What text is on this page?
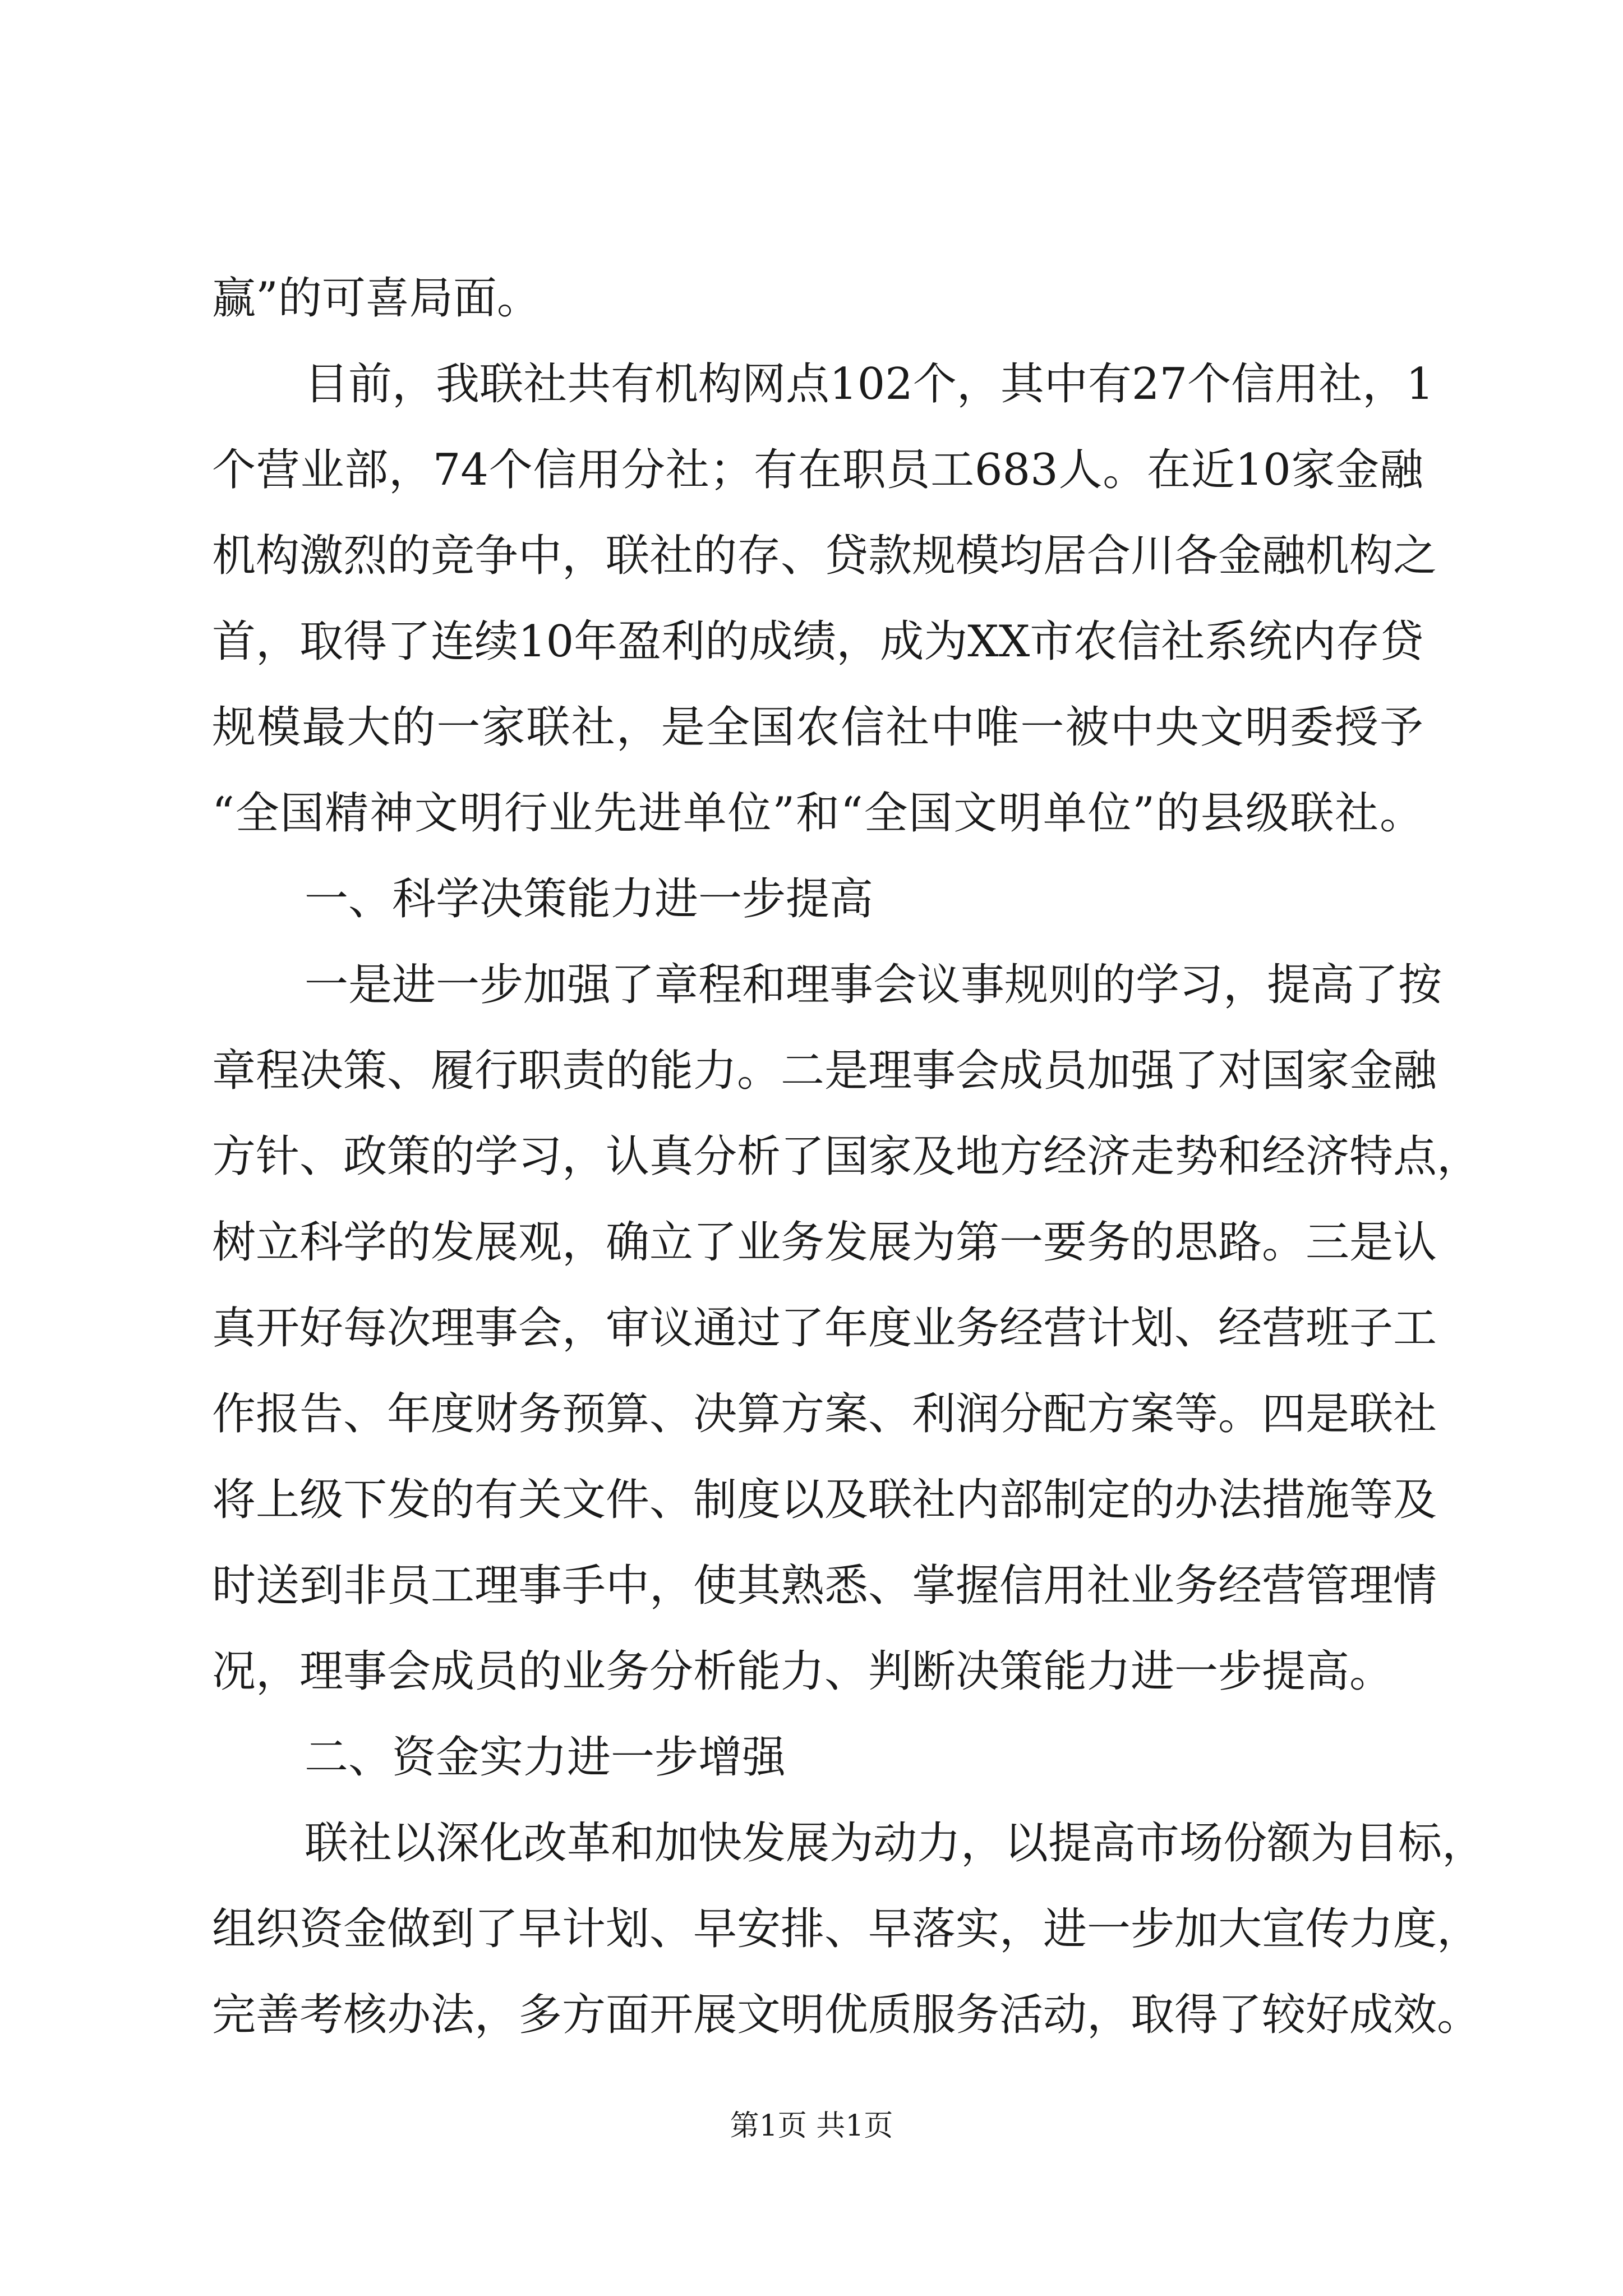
赢”的可喜局面。
目前，我联社共有机构网点102个，其中有27个信用社，1
个营业部，74个信用分社；有在职员工683人。在近10家金融
机构激烈的竞争中，联社的存、贷款规模均居合川各金融机构之
首，取得了连续10年盈利的成绩，成为XX市农信社系统内存贷
规模最大的一家联社，是全国农信社中唯一被中央文明委授予
“全国精神文明行业先进单位”和“全国文明单位”的县级联社。
一、科学决策能力进一步提高
一是进一步加强了章程和理事会议事规则的学习，提高了按
章程决策、履行职责的能力。二是理事会成员加强了对国家金融
方针、政策的学习，认真分析了国家及地方经济走势和经济特点，
树立科学的发展观，确立了业务发展为第一要务的思路。三是认
真开好每次理事会，审议通过了年度业务经营计划、经营班子工
作报告、年度财务预算、决算方案、利润分配方案等。四是联社
将上级下发的有关文件、制度以及联社内部制定的办法措施等及
时送到非员工理事手中，使其熟悉、掌握信用社业务经营管理情
况，理事会成员的业务分析能力、判断决策能力进一步提高。
二、资金实力进一步增强
联社以深化改革和加快发展为动力，以提高市场份额为目标，
组织资金做到了早计划、早安排、早落实，进一步加大宣传力度，
完善考核办法，多方面开展文明优质服务活动，取得了较好成效。
第1页 共1页
